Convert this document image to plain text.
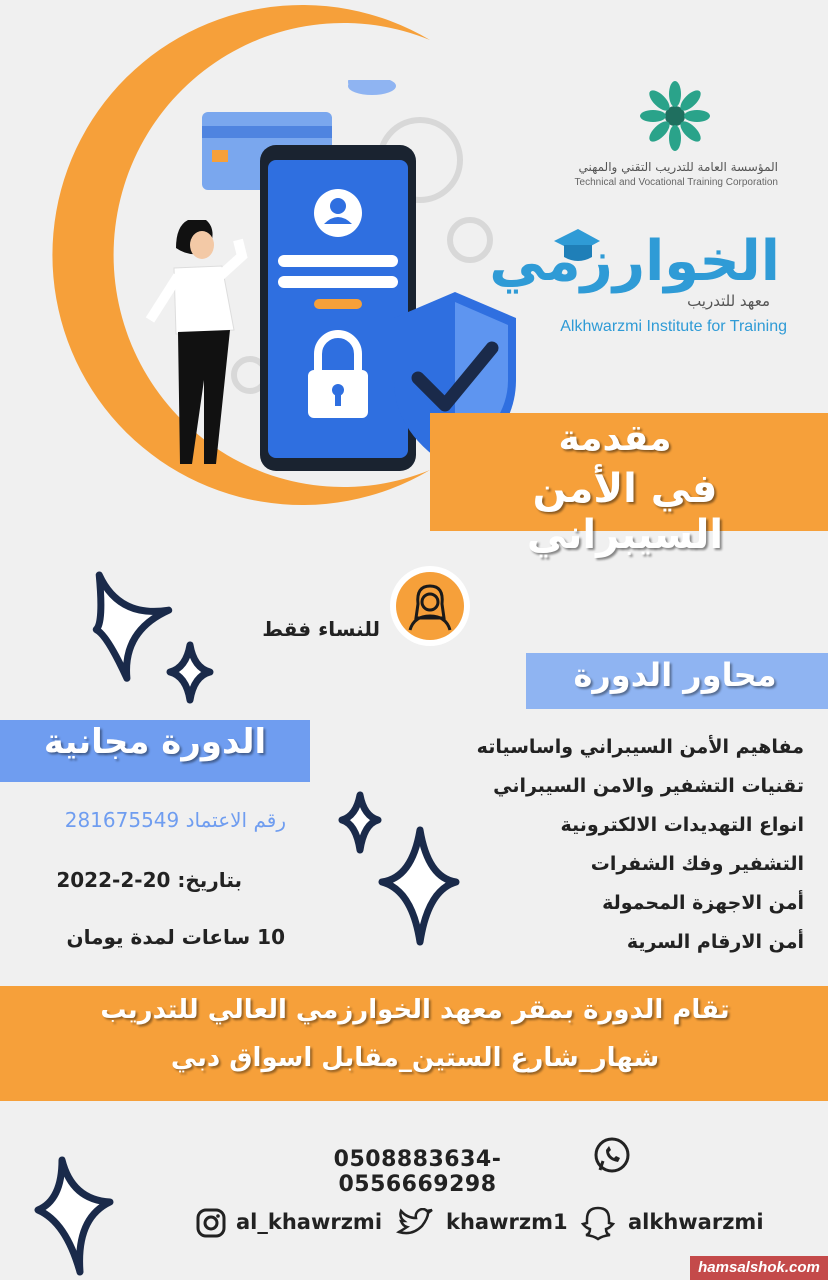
المؤسسة العامة للتدريب التقني والمهني
Technical and Vocational Training Corporation
الخوارزمي
معهد للتدريب
Alkhwarzmi Institute for Training
مقدمة
في الأمن السيبراني
للنساء فقط
محاور الدورة
مفاهيم الأمن السيبراني واساسياته
تقنيات التشفير والامن السيبراني
انواع التهديدات الالكترونية
التشفير وفك الشفرات
أمن الاجهزة المحمولة
أمن الارقام السرية
الدورة مجانية
رقم الاعتماد 281675549
بتاريخ: 20-2-2022
10 ساعات لمدة يومان
تقام الدورة بمقر معهد الخوارزمي العالي للتدريب
شهار_شارع الستين_مقابل اسواق دبي
0508883634-0556669298
al_khawrzmi	khawrzm1	alkhwarzmi
hamsalshok.com
